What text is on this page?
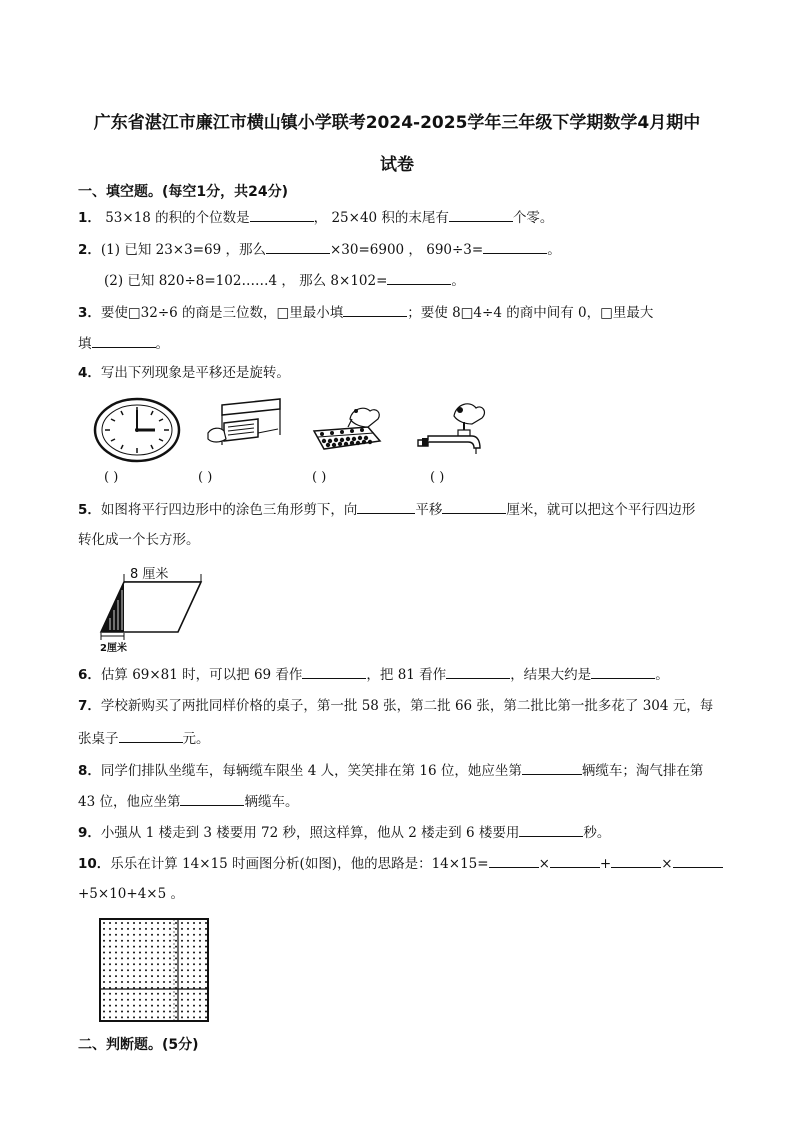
广东省湛江市廉江市横山镇小学联考2024-2025学年三年级下学期数学4月期中
试卷
一、填空题。(每空1分，共24分)
1． 53×18 的积的个位数是	， 25×40 积的末尾有	个零。
2．(1) 已知 23×3=69 ，那么	×30=6900 ， 690÷3=	。
(2) 已知 820÷8=102……4 ， 那么 8×102=	。
3．要使□32÷6 的商是三位数，□里最小填	；要使 8□4÷4 的商中间有 0，□里最大
填	。
4．写出下列现象是平移还是旋转。
( )	( )	( )	( )
5．如图将平行四边形中的涂色三角形剪下，向	平移	厘米，就可以把这个平行四边形
转化成一个长方形。
8 厘米
2厘米
6．估算 69×81 时，可以把 69 看作	，把 81 看作	，结果大约是	。
7．学校新购买了两批同样价格的桌子，第一批 58 张，第二批 66 张，第二批比第一批多花了 304 元，每
张桌子	元。
8．同学们排队坐缆车，每辆缆车限坐 4 人，笑笑排在第 16 位，她应坐第	辆缆车；淘气排在第
43 位，他应坐第	辆缆车。
9．小强从 1 楼走到 3 楼要用 72 秒，照这样算，他从 2 楼走到 6 楼要用	秒。
10．乐乐在计算 14×15 时画图分析(如图)，他的思路是：14×15=	×	+	×
+5×10+4×5 。
二、判断题。(5分)
